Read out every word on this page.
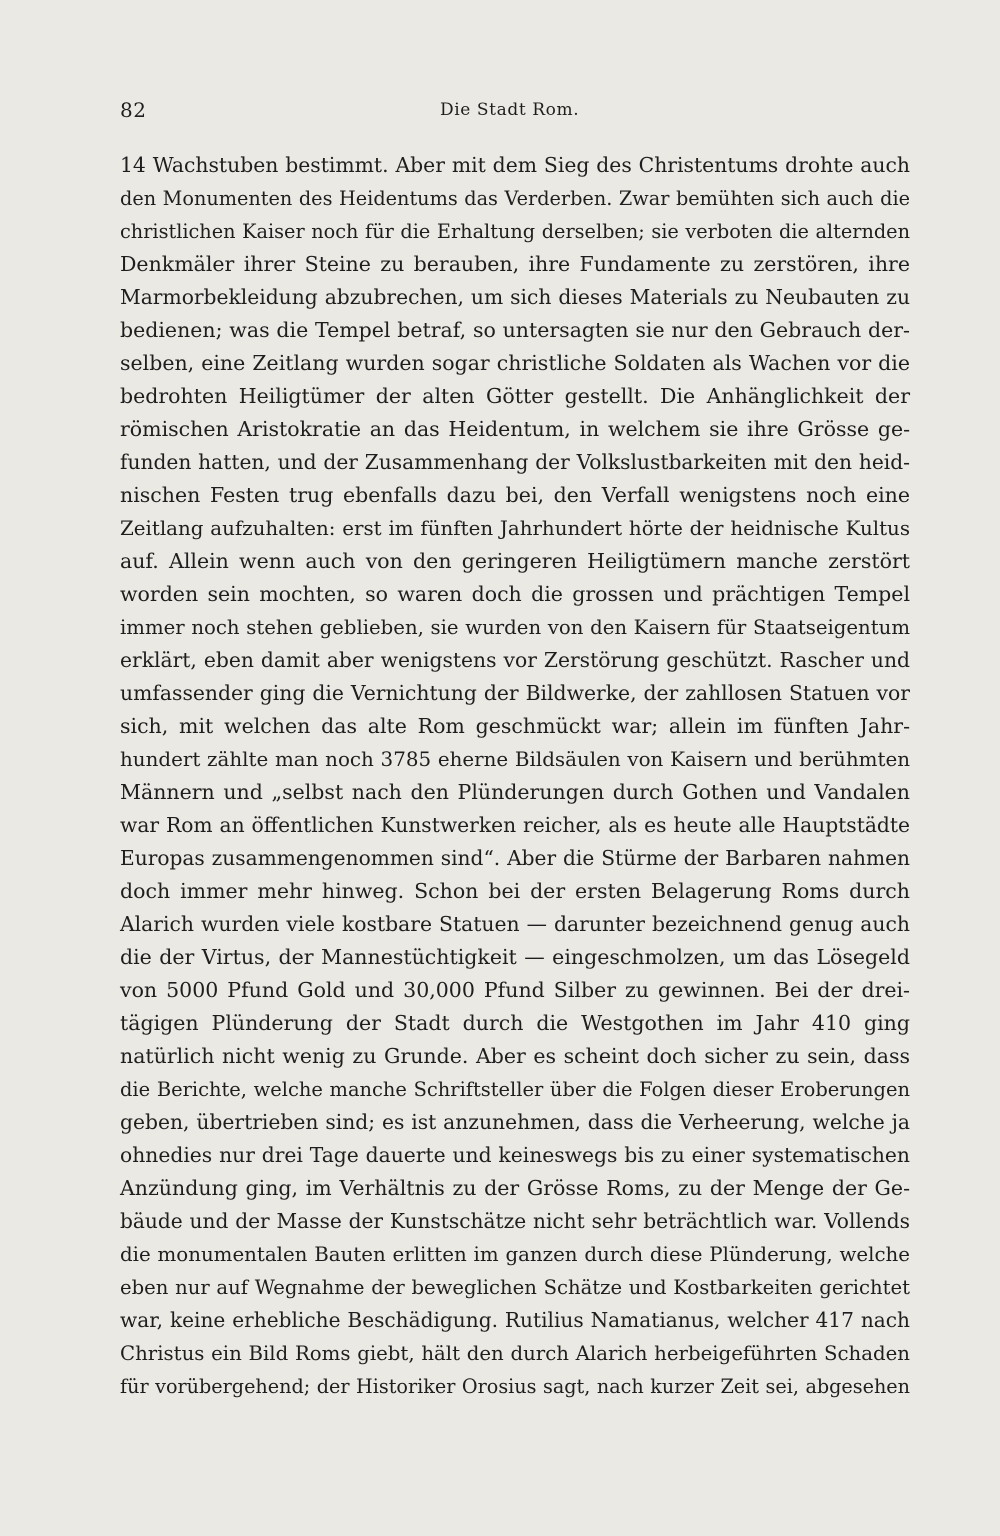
82	Die Stadt Rom.
14 Wachstuben bestimmt. Aber mit dem Sieg des Christentums drohte auch
den Monumenten des Heidentums das Verderben. Zwar bemühten sich auch die
christlichen Kaiser noch für die Erhaltung derselben; sie verboten die alternden
Denkmäler ihrer Steine zu berauben, ihre Fundamente zu zerstören, ihre
Marmorbekleidung abzubrechen, um sich dieses Materials zu Neubauten zu
bedienen; was die Tempel betraf, so untersagten sie nur den Gebrauch der-
selben, eine Zeitlang wurden sogar christliche Soldaten als Wachen vor die
bedrohten Heiligtümer der alten Götter gestellt. Die Anhänglichkeit der
römischen Aristokratie an das Heidentum, in welchem sie ihre Grösse ge-
funden hatten, und der Zusammenhang der Volkslustbarkeiten mit den heid-
nischen Festen trug ebenfalls dazu bei, den Verfall wenigstens noch eine
Zeitlang aufzuhalten: erst im fünften Jahrhundert hörte der heidnische Kultus
auf. Allein wenn auch von den geringeren Heiligtümern manche zerstört
worden sein mochten, so waren doch die grossen und prächtigen Tempel
immer noch stehen geblieben, sie wurden von den Kaisern für Staatseigentum
erklärt, eben damit aber wenigstens vor Zerstörung geschützt. Rascher und
umfassender ging die Vernichtung der Bildwerke, der zahllosen Statuen vor
sich, mit welchen das alte Rom geschmückt war; allein im fünften Jahr-
hundert zählte man noch 3785 eherne Bildsäulen von Kaisern und berühmten
Männern und „selbst nach den Plünderungen durch Gothen und Vandalen
war Rom an öffentlichen Kunstwerken reicher, als es heute alle Hauptstädte
Europas zusammengenommen sind“. Aber die Stürme der Barbaren nahmen
doch immer mehr hinweg. Schon bei der ersten Belagerung Roms durch
Alarich wurden viele kostbare Statuen — darunter bezeichnend genug auch
die der Virtus, der Mannestüchtigkeit — eingeschmolzen, um das Lösegeld
von 5000 Pfund Gold und 30,000 Pfund Silber zu gewinnen. Bei der drei-
tägigen Plünderung der Stadt durch die Westgothen im Jahr 410 ging
natürlich nicht wenig zu Grunde. Aber es scheint doch sicher zu sein, dass
die Berichte, welche manche Schriftsteller über die Folgen dieser Eroberungen
geben, übertrieben sind; es ist anzunehmen, dass die Verheerung, welche ja
ohnedies nur drei Tage dauerte und keineswegs bis zu einer systematischen
Anzündung ging, im Verhältnis zu der Grösse Roms, zu der Menge der Ge-
bäude und der Masse der Kunstschätze nicht sehr beträchtlich war. Vollends
die monumentalen Bauten erlitten im ganzen durch diese Plünderung, welche
eben nur auf Wegnahme der beweglichen Schätze und Kostbarkeiten gerichtet
war, keine erhebliche Beschädigung. Rutilius Namatianus, welcher 417 nach
Christus ein Bild Roms giebt, hält den durch Alarich herbeigeführten Schaden
für vorübergehend; der Historiker Orosius sagt, nach kurzer Zeit sei, abgesehen
